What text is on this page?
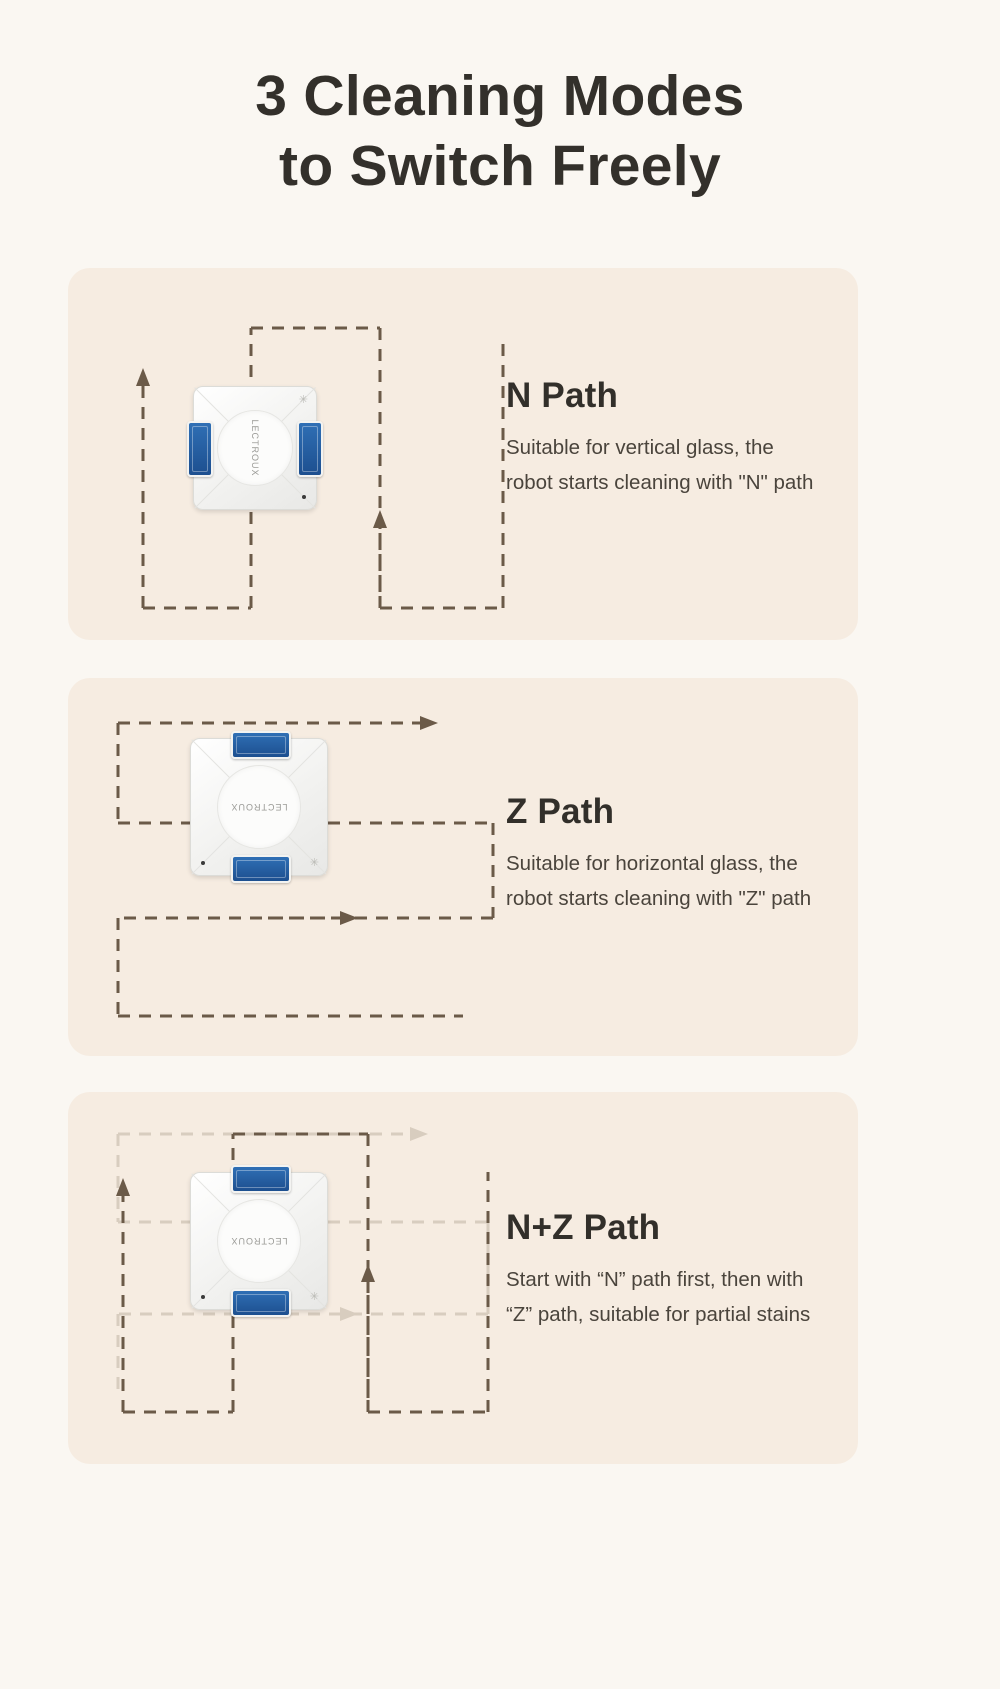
3 Cleaning Modes
to Switch Freely
LECTROUX
✳	N Path

Suitable for vertical glass, the robot starts cleaning with "N" path

LECTROUX
✳
Z Path

Suitable for horizontal glass, the robot starts cleaning with "Z" path

LECTROUX
✳
N+Z Path

Start with “N” path first, then with “Z” path, suitable for partial stains
